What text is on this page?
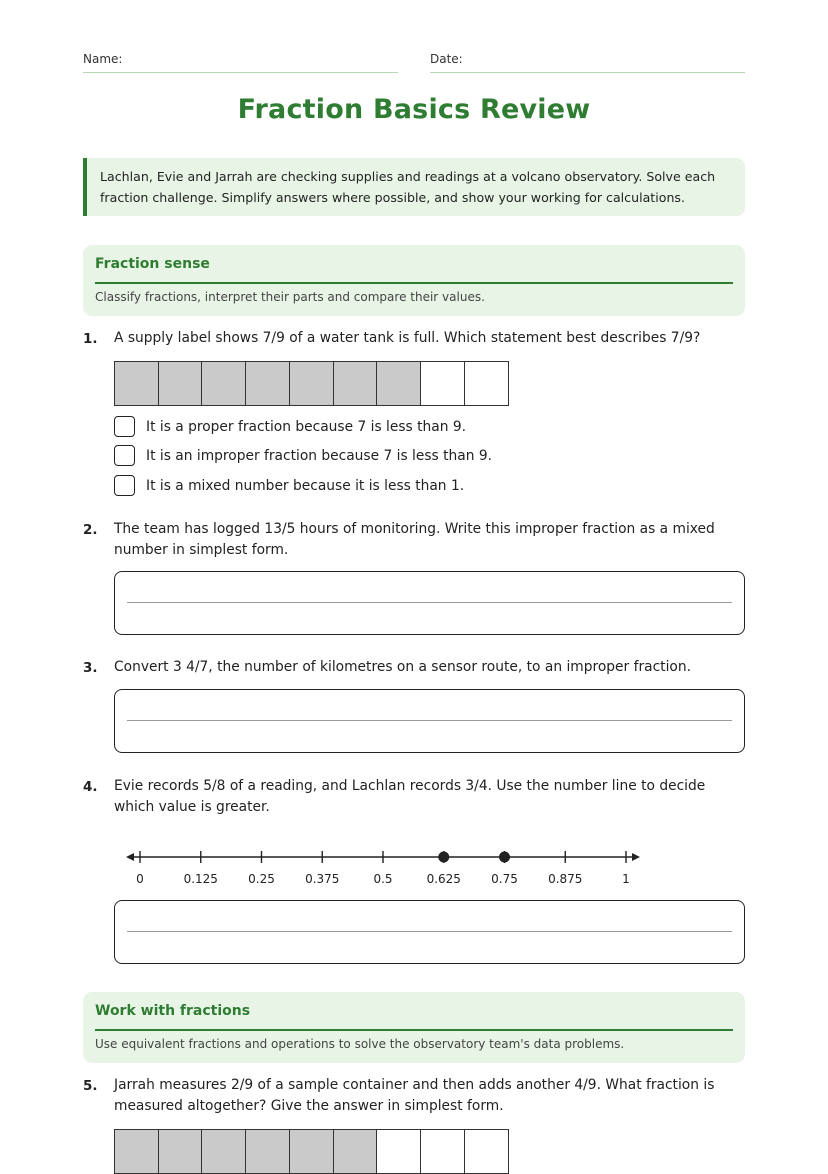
Name:	Date:
Fraction Basics Review
Lachlan, Evie and Jarrah are checking supplies and readings at a volcano observatory. Solve each fraction challenge. Simplify answers where possible, and show your working for calculations.
Fraction sense
Classify fractions, interpret their parts and compare their values.
1. A supply label shows 7/9 of a water tank is full. Which statement best describes 7/9?
It is a proper fraction because 7 is less than 9.
It is an improper fraction because 7 is less than 9.
It is a mixed number because it is less than 1.
2. The team has logged 13/5 hours of monitoring. Write this improper fraction as a mixed number in simplest form.
3. Convert 3 4/7, the number of kilometres on a sensor route, to an improper fraction.
4. Evie records 5/8 of a reading, and Lachlan records 3/4. Use the number line to decide which value is greater.
0	0.125	0.25	0.375	0.5	0.625	0.75	0.875	1
Work with fractions
Use equivalent fractions and operations to solve the observatory team's data problems.
5. Jarrah measures 2/9 of a sample container and then adds another 4/9. What fraction is measured altogether? Give the answer in simplest form.
